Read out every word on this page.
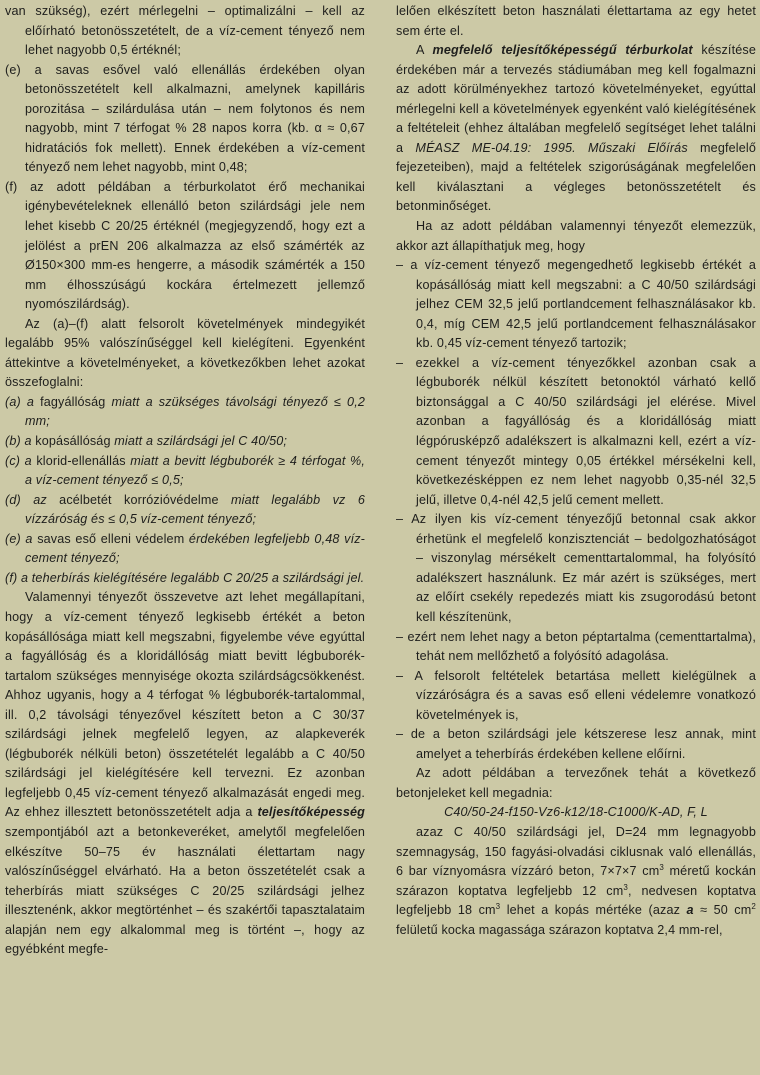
van szükség), ezért mérlegelni – optimalizálni – kell az előírható betonösszetételt, de a víz-cement tényező nem lehet nagyobb 0,5 értéknél;

(e) a savas esővel való ellenállás érdekében olyan betonösszetételt kell alkalmazni, amelynek kapilláris porozitása – szilárdulása után – nem folytonos és nem nagyobb, mint 7 térfogat % 28 napos korra (kb. α ≈ 0,67 hidratációs fok mellett). Ennek érdekében a víz-cement tényező nem lehet nagyobb, mint 0,48;

(f) az adott példában a térburkolatot érő mechanikai igénybevételeknek ellenálló beton szilárdsági jele nem lehet kisebb C 20/25 értéknél (megjegyzendő, hogy ezt a jelölést a prEN 206 alkalmazza az első számérték az Ø150×300 mm-es hengerre, a második számérték a 150 mm élhosszúságú kockára értelmezett jellemző nyomószilárdság).

Az (a)–(f) alatt felsorolt követelmények mindegyikét legalább 95% valószínűséggel kell kielégíteni. Egyenként áttekintve a követelményeket, a következőkben lehet azokat összefoglalni:

(a) a fagyállóság miatt a szükséges távolsági tényező ≤ 0,2 mm;

(b) a kopásállóság miatt a szilárdsági jel C 40/50;

(c) a klorid-ellenállás miatt a bevitt légbuborék ≥ 4 térfogat %, a víz-cement tényező ≤ 0,5;

(d) az acélbetét korrózióvédelme miatt legalább vz 6 vízzáróság és ≤ 0,5 víz-cement tényező;

(e) a savas eső elleni védelem érdekében legfeljebb 0,48 víz-cement tényező;

(f) a teherbírás kielégítésére legalább C 20/25 a szilárdsági jel.

Valamennyi tényezőt összevetve azt lehet megállapítani, hogy a víz-cement tényező legkisebb értékét a beton kopásállósága miatt kell megszabni, figyelembe véve egyúttal a fagyállóság és a kloridállóság miatt bevitt légbuborék-tartalom szükséges mennyisége okozta szilárdságcsökkenést. Ahhoz ugyanis, hogy a 4 térfogat % légbuborék-tartalommal, ill. 0,2 távolsági tényezővel készített beton a C 30/37 szilárdsági jelnek megfelelő legyen, az alapkeverék (légbuborék nélküli beton) összetételét legalább a C 40/50 szilárdsági jel kielégítésére kell tervezni. Ez azonban legfeljebb 0,45 víz-cement tényező alkalmazását engedi meg. Az ehhez illesztett betonösszetételt adja a teljesítőképesség szempontjából azt a betonkeveréket, amelytől megfelelően elkészítve 50–75 év használati élettartam nagy valószínűséggel elvárható. Ha a beton összetételét csak a teherbírás miatt szükséges C 20/25 szilárdsági jelhez illesztenénk, akkor megtörténhet – és szakértői tapasztalataim alapján nem egy alkalommal meg is történt –, hogy az egyébként megfe-

lelően elkészített beton használati élettartama az egy hetet sem érte el.

A megfelelő teljesítőképességű térburkolat készítése érdekében már a tervezés stádiumában meg kell fogalmazni az adott körülményekhez tartozó követelményeket, egyúttal mérlegelni kell a követelmények egyenként való kielégítésének a feltételeit (ehhez általában megfelelő segítséget lehet találni a MÉASZ ME-04.19: 1995. Műszaki Előírás megfelelő fejezeteiben), majd a feltételek szigorúságának megfelelően kell kiválasztani a végleges betonösszetételt és betonminőséget.

Ha az adott példában valamennyi tényezőt elemezzük, akkor azt állapíthatjuk meg, hogy

– a víz-cement tényező megengedhető legkisebb értékét a kopásállóság miatt kell megszabni: a C 40/50 szilárdsági jelhez CEM 32,5 jelű portlandcement felhasználásakor kb. 0,4, míg CEM 42,5 jelű portlandcement felhasználásakor kb. 0,45 víz-cement tényező tartozik;

– ezekkel a víz-cement tényezőkkel azonban csak a légbuborék nélkül készített betonoktól várható kellő biztonsággal a C 40/50 szilárdsági jel elérése. Mivel azonban a fagyállóság és a kloridállóság miatt légpórusképző adalékszert is alkalmazni kell, ezért a víz-cement tényezőt mintegy 0,05 értékkel mérsékelni kell, következésképpen ez nem lehet nagyobb 0,35-nél 32,5 jelű, illetve 0,4-nél 42,5 jelű cement mellett.

– Az ilyen kis víz-cement tényezőjű betonnal csak akkor érhetünk el megfelelő konzisztenciát – bedolgozhatóságot – viszonylag mérsékelt cementtartalommal, ha folyósító adalékszert használunk. Ez már azért is szükséges, mert az előírt csekély repedezés miatt kis zsugorodású betont kell készítenünk,

– ezért nem lehet nagy a beton péptartalma (cementtartalma), tehát nem mellőzhető a folyósító adagolása.

– A felsorolt feltételek betartása mellett kielégülnek a vízzáróságra és a savas eső elleni védelemre vonatkozó követelmények is,

– de a beton szilárdsági jele kétszerese lesz annak, mint amelyet a teherbírás érdekében kellene előírni.

Az adott példában a tervezőnek tehát a következő betonjeleket kell megadnia:

C40/50-24-f150-Vz6-k12/18-C1000/K-AD, F, L

azaz C 40/50 szilárdsági jel, D=24 mm legnagyobb szemnagyság, 150 fagyási-olvadási ciklusnak való ellenállás, 6 bar víznyomásra vízzáró beton, 7×7×7 $cm^3$ méretű kockán szárazon koptatva legfeljebb 12 $cm^3$, nedvesen koptatva legfeljebb 18 $cm^3$ lehet a kopás mértéke (azaz a ≈ 50 $cm^2$ felületű kocka magassága szárazon koptatva 2,4 mm-rel,
